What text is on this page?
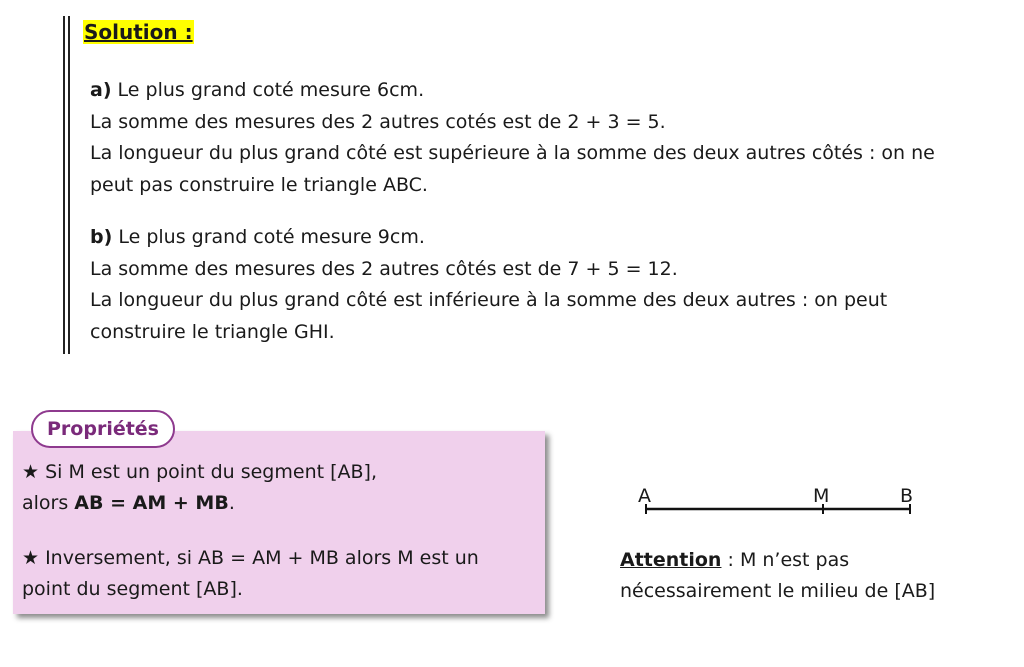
Solution :
a) Le plus grand coté mesure 6cm.
La somme des mesures des 2 autres cotés est de 2 + 3 = 5.
La longueur du plus grand côté est supérieure à la somme des deux autres côtés : on ne
peut pas construire le triangle ABC.
b) Le plus grand coté mesure 9cm.
La somme des mesures des 2 autres côtés est de 7 + 5 = 12.
La longueur du plus grand côté est inférieure à la somme des deux autres : on peut
construire le triangle GHI.
Propriétés
★ Si M est un point du segment [AB],
alors AB = AM + MB.
★ Inversement, si AB = AM + MB alors M est un
point du segment [AB].
A	M	B
Attention : M n’est pas
nécessairement le milieu de [AB]
